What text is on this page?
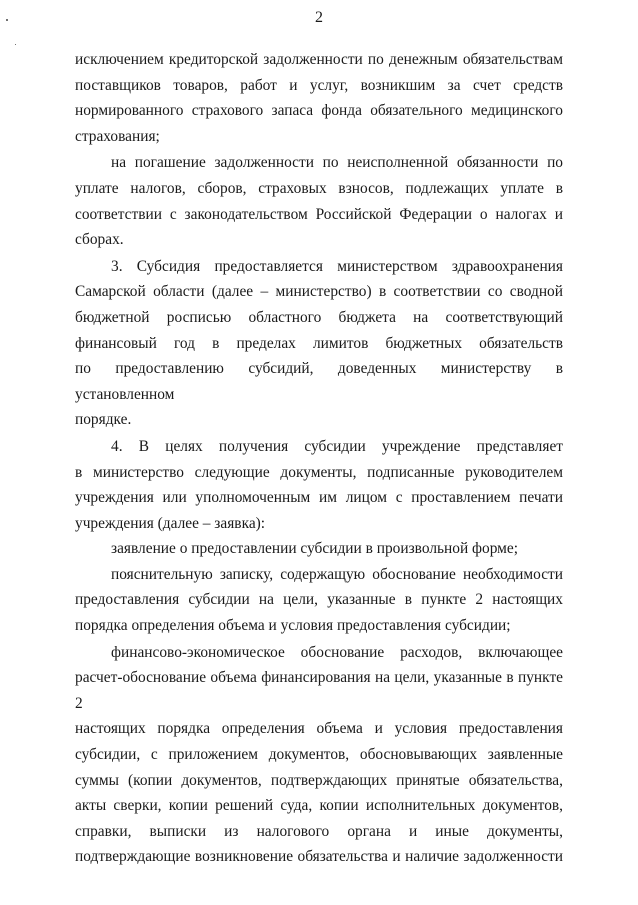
2
исключением кредиторской задолженности по денежным обязательствам
поставщиков товаров, работ и услуг, возникшим за счет средств
нормированного страхового запаса фонда обязательного медицинского
страхования;
на погашение задолженности по неисполненной обязанности по
уплате налогов, сборов, страховых взносов, подлежащих уплате в
соответствии с законодательством Российской Федерации о налогах и
сборах.
3. Субсидия предоставляется министерством здравоохранения
Самарской области (далее – министерство) в соответствии со сводной
бюджетной росписью областного бюджета на соответствующий
финансовый год в пределах лимитов бюджетных обязательств
по предоставлению субсидий, доведенных министерству в установленном
порядке.
4. В целях получения субсидии учреждение представляет
в министерство следующие документы, подписанные руководителем
учреждения или уполномоченным им лицом с проставлением печати
учреждения (далее – заявка):
заявление о предоставлении субсидии в произвольной форме;
пояснительную записку, содержащую обоснование необходимости
предоставления субсидии на цели, указанные в пункте 2 настоящих
порядка определения объема и условия предоставления субсидии;
финансово-экономическое обоснование расходов, включающее
расчет-обоснование объема финансирования на цели, указанные в пункте 2
настоящих порядка определения объема и условия предоставления
субсидии, с приложением документов, обосновывающих заявленные
суммы (копии документов, подтверждающих принятые обязательства,
акты сверки, копии решений суда, копии исполнительных документов,
справки, выписки из налогового органа и иные документы,
подтверждающие возникновение обязательства и наличие задолженности
